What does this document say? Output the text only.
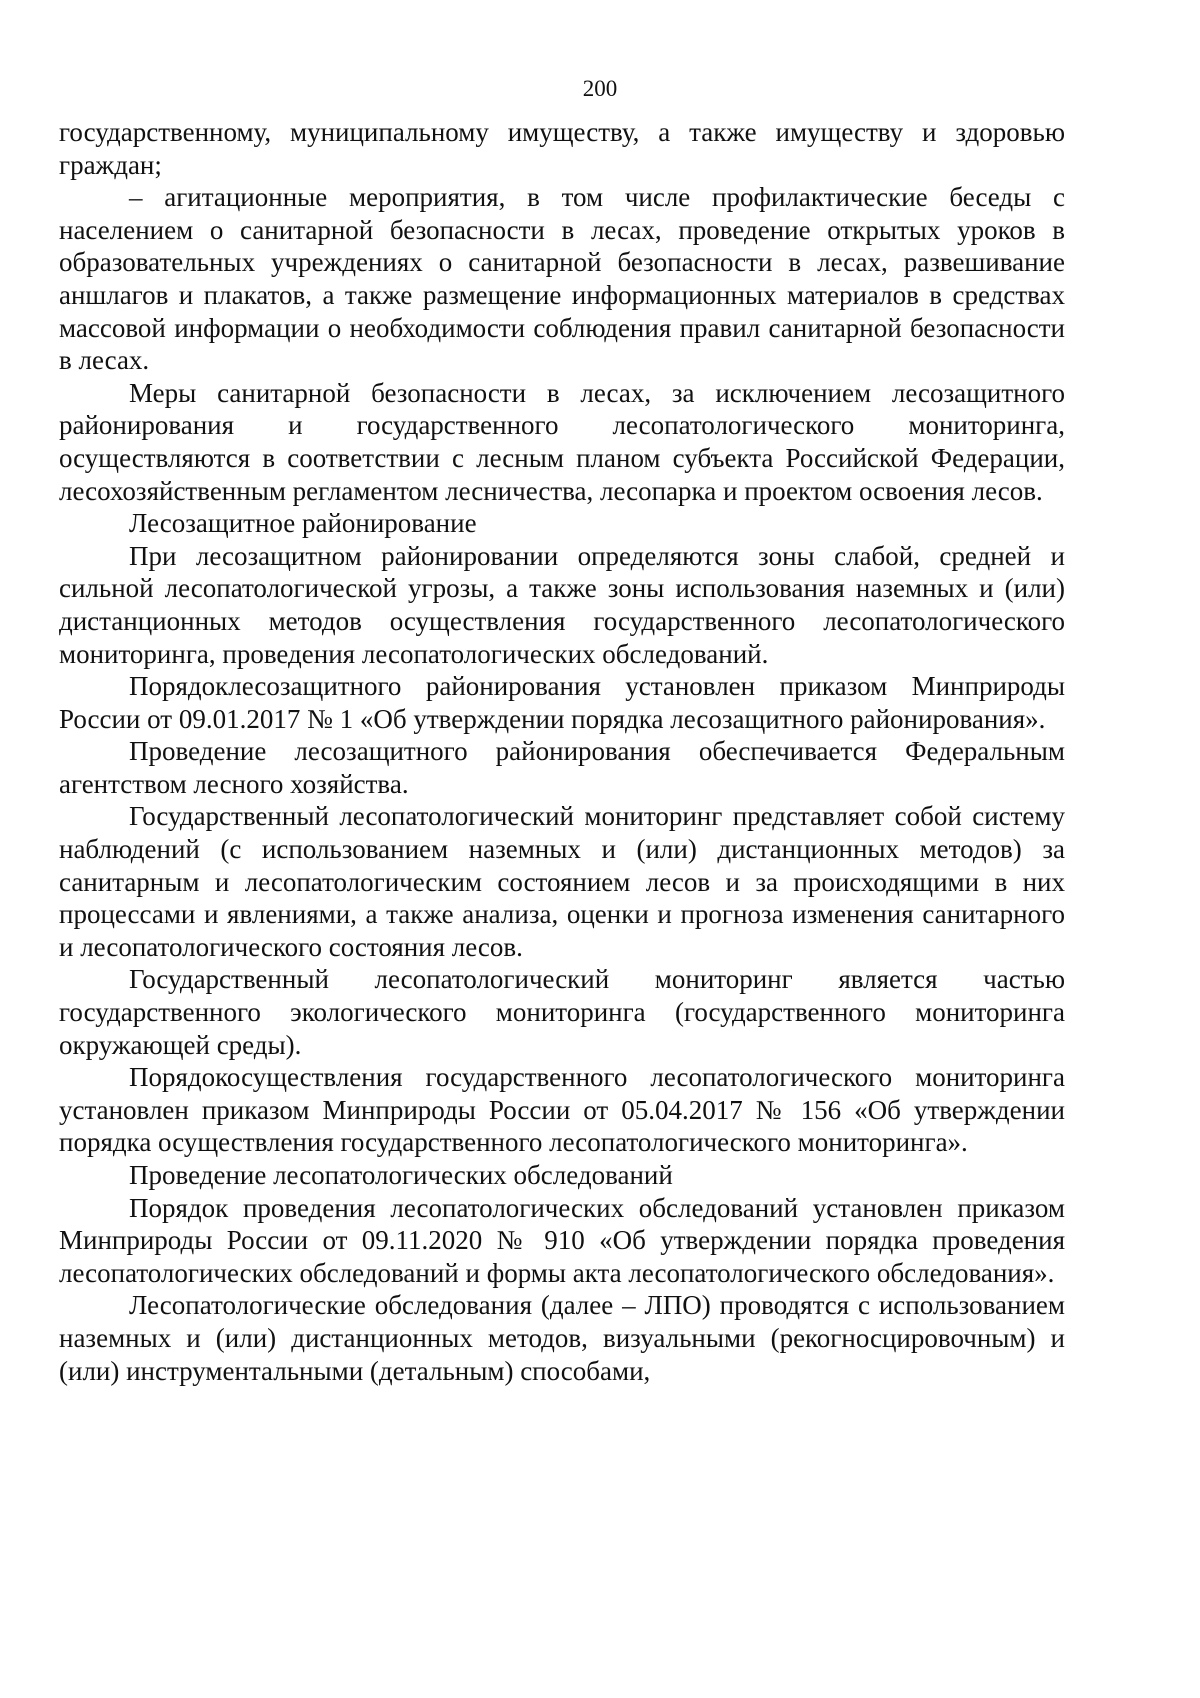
200

государственному, муниципальному имуществу, а также имуществу и здоровью граждан;

– агитационные мероприятия, в том числе профилактические беседы с населением о санитарной безопасности в лесах, проведение открытых уроков в образовательных учреждениях о санитарной безопасности в лесах, развешивание аншлагов и плакатов, а также размещение информационных материалов в средствах массовой информации о необходимости соблюдения правил санитарной безопасности в лесах.

Меры санитарной безопасности в лесах, за исключением лесозащитного районирования и государственного лесопатологического мониторинга, осуществляются в соответствии с лесным планом субъекта Российской Федерации, лесохозяйственным регламентом лесничества, лесопарка и проектом освоения лесов.

Лесозащитное районирование

При лесозащитном районировании определяются зоны слабой, средней и сильной лесопатологической угрозы, а также зоны использования наземных и (или) дистанционных методов осуществления государственного лесопатологического мониторинга, проведения лесопатологических обследований.

Порядоклесозащитного районирования установлен приказом Минприроды России от 09.01.2017 № 1 «Об утверждении порядка лесозащитного районирования».

Проведение лесозащитного районирования обеспечивается Федеральным агентством лесного хозяйства.

Государственный лесопатологический мониторинг представляет собой систему наблюдений (с использованием наземных и (или) дистанционных методов) за санитарным и лесопатологическим состоянием лесов и за происходящими в них процессами и явлениями, а также анализа, оценки и прогноза изменения санитарного и лесопатологического состояния лесов.

Государственный лесопатологический мониторинг является частью государственного экологического мониторинга (государственного мониторинга окружающей среды).

Порядокосуществления государственного лесопатологического мониторинга установлен приказом Минприроды России от 05.04.2017 № 156 «Об утверждении порядка осуществления государственного лесопатологического мониторинга».

Проведение лесопатологических обследований

Порядок проведения лесопатологических обследований установлен приказом Минприроды России от 09.11.2020 № 910 «Об утверждении порядка проведения лесопатологических обследований и формы акта лесопатологического обследования».

Лесопатологические обследования (далее – ЛПО) проводятся с использованием наземных и (или) дистанционных методов, визуальными (рекогносцировочным) и (или) инструментальными (детальным) способами,
